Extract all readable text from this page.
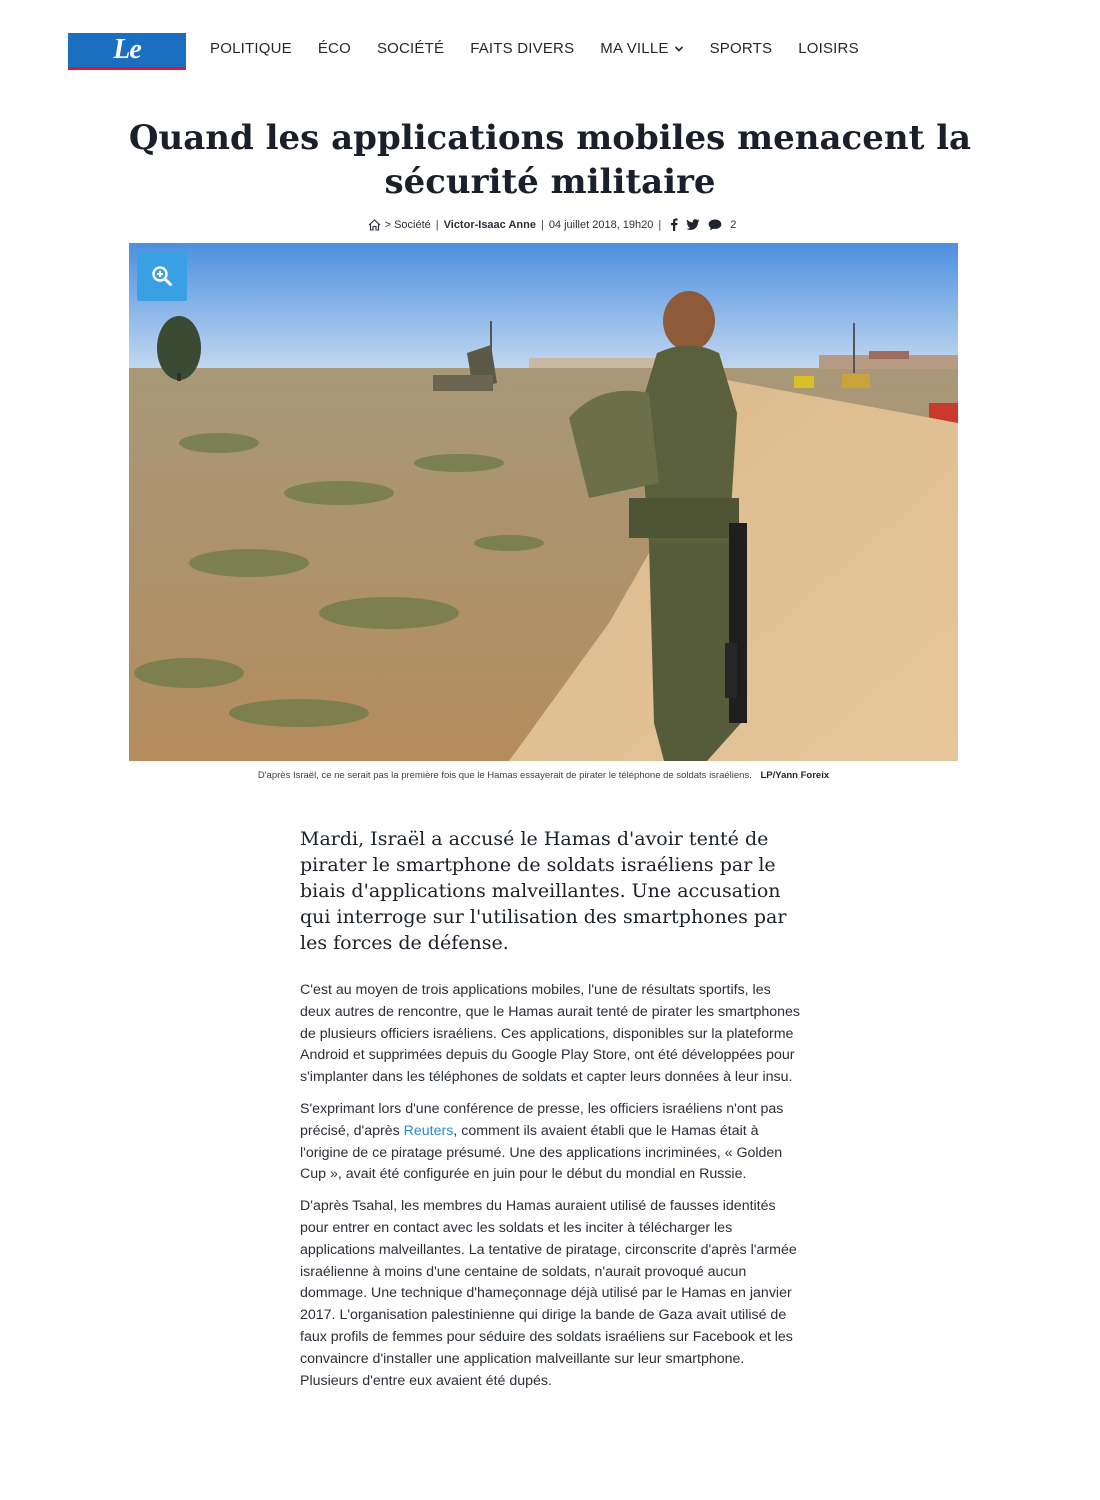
Le Parisien
POLITIQUE ÉCO SOCIÉTÉ FAITS DIVERS MA VILLE	SPORTS LOISIRS
Quand les applications mobiles menacent la
sécurité militaire
> Société | Victor-Isaac Anne | 04 juillet 2018, 19h20 |	2
D'après Israël, ce ne serait pas la première fois que le Hamas essayerait de pirater le téléphone de soldats israéliens. LP/Yann Foreix

Mardi, Israël a accusé le Hamas d'avoir tenté de pirater le smartphone de soldats israéliens par le biais d'applications malveillantes. Une accusation qui interroge sur l'utilisation des smartphones par les forces de défense.

C'est au moyen de trois applications mobiles, l'une de résultats sportifs, les deux autres de rencontre, que le Hamas aurait tenté de pirater les smartphones de plusieurs officiers israéliens. Ces applications, disponibles sur la plateforme Android et supprimées depuis du Google Play Store, ont été développées pour s'implanter dans les téléphones de soldats et capter leurs données à leur insu.

S'exprimant lors d'une conférence de presse, les officiers israéliens n'ont pas précisé, d'après Reuters, comment ils avaient établi que le Hamas était à l'origine de ce piratage présumé. Une des applications incriminées, « Golden Cup », avait été configurée en juin pour le début du mondial en Russie.

D'après Tsahal, les membres du Hamas auraient utilisé de fausses identités pour entrer en contact avec les soldats et les inciter à télécharger les applications malveillantes. La tentative de piratage, circonscrite d'après l'armée israélienne à moins d'une centaine de soldats, n'aurait provoqué aucun dommage. Une technique d'hameçonnage déjà utilisé par le Hamas en janvier 2017. L'organisation palestinienne qui dirige la bande de Gaza avait utilisé de faux profils de femmes pour séduire des soldats israéliens sur Facebook et les convaincre d'installer une application malveillante sur leur smartphone. Plusieurs d'entre eux avaient été dupés.
